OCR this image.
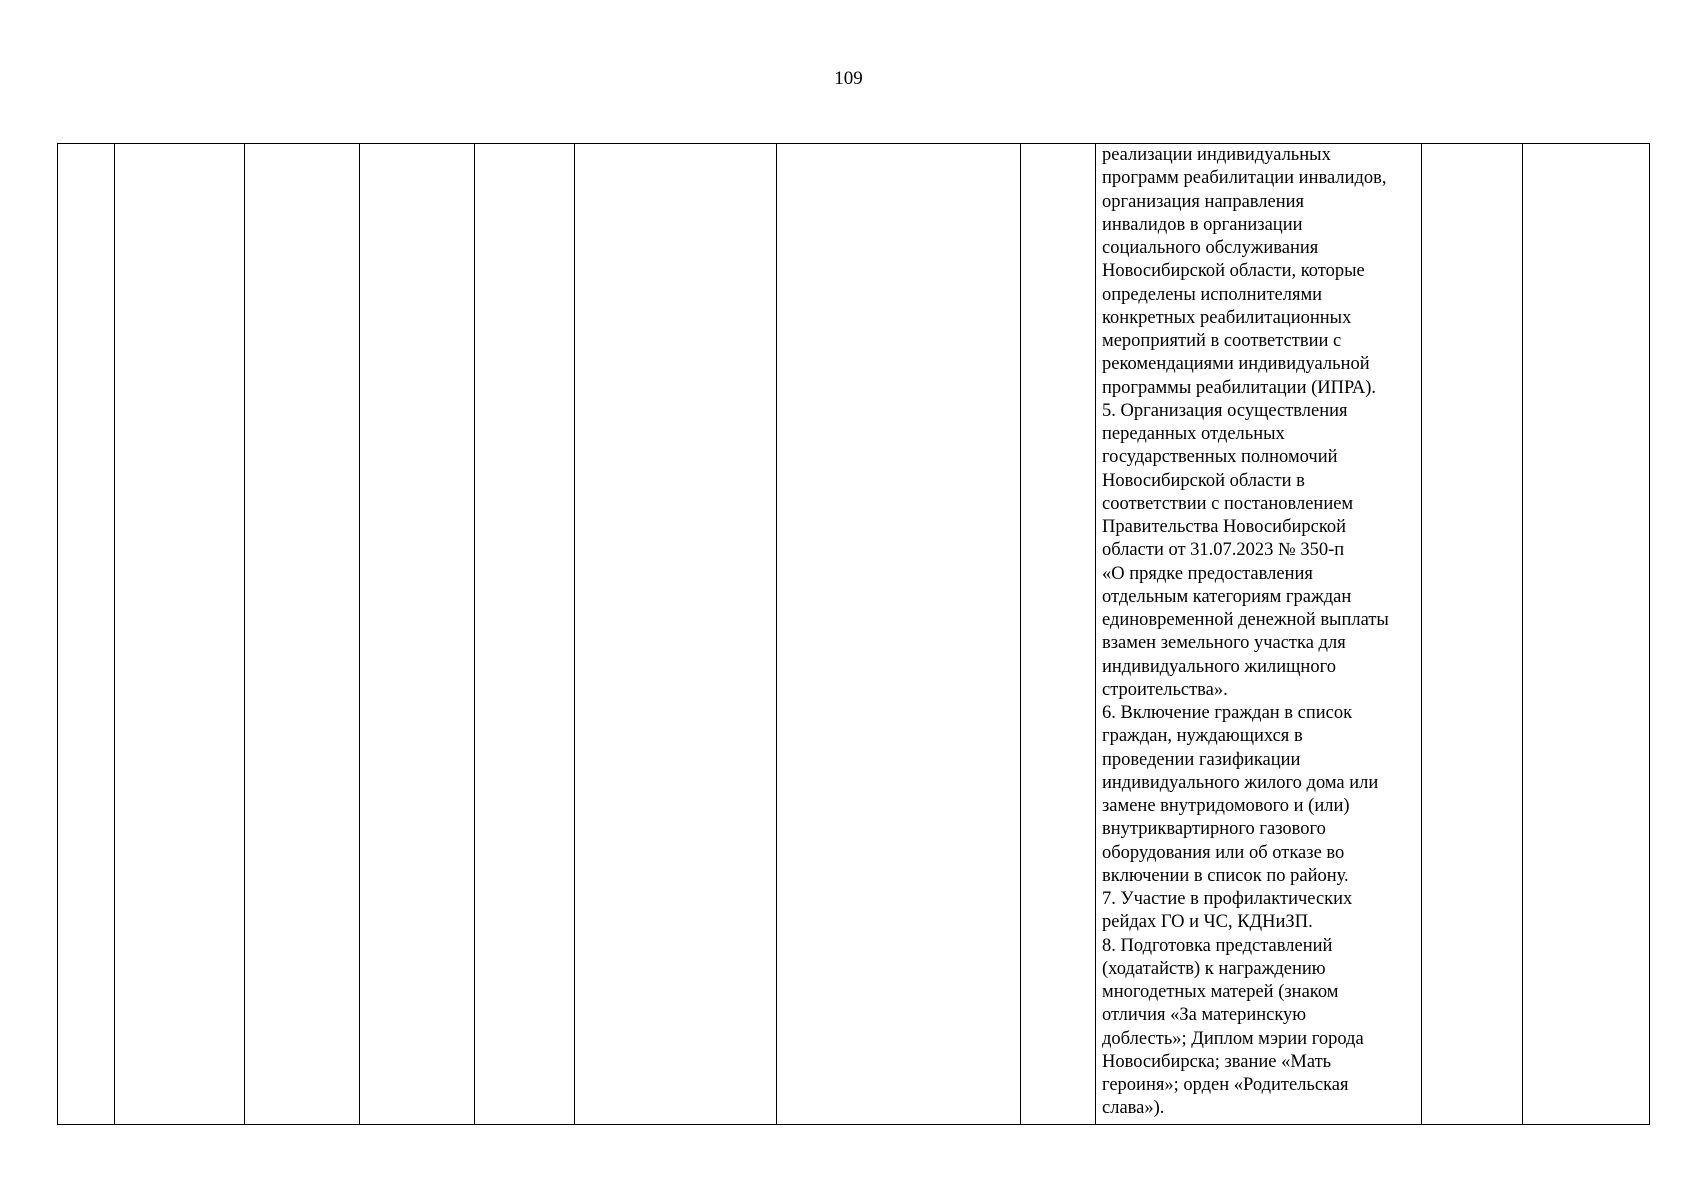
109

реализации индивидуальных
программ реабилитации инвалидов,
организация направления
инвалидов в организации
социального обслуживания
Новосибирской области, которые
определены исполнителями
конкретных реабилитационных
мероприятий в соответствии с
рекомендациями индивидуальной
программы реабилитации (ИПРА).
5. Организация осуществления
переданных отдельных
государственных полномочий
Новосибирской области в
соответствии с постановлением
Правительства Новосибирской
области от 31.07.2023 № 350-п
«О прядке предоставления
отдельным категориям граждан
единовременной денежной выплаты
взамен земельного участка для
индивидуального жилищного
строительства».
6. Включение граждан в список
граждан, нуждающихся в
проведении газификации
индивидуального жилого дома или
замене внутридомового и (или)
внутриквартирного газового
оборудования или об отказе во
включении в список по району.
7. Участие в профилактических
рейдах ГО и ЧС, КДНиЗП.
8. Подготовка представлений
(ходатайств) к награждению
многодетных матерей (знаком
отличия «За материнскую
доблесть»; Диплом мэрии города
Новосибирска; звание «Мать
героиня»; орден «Родительская
слава»).
